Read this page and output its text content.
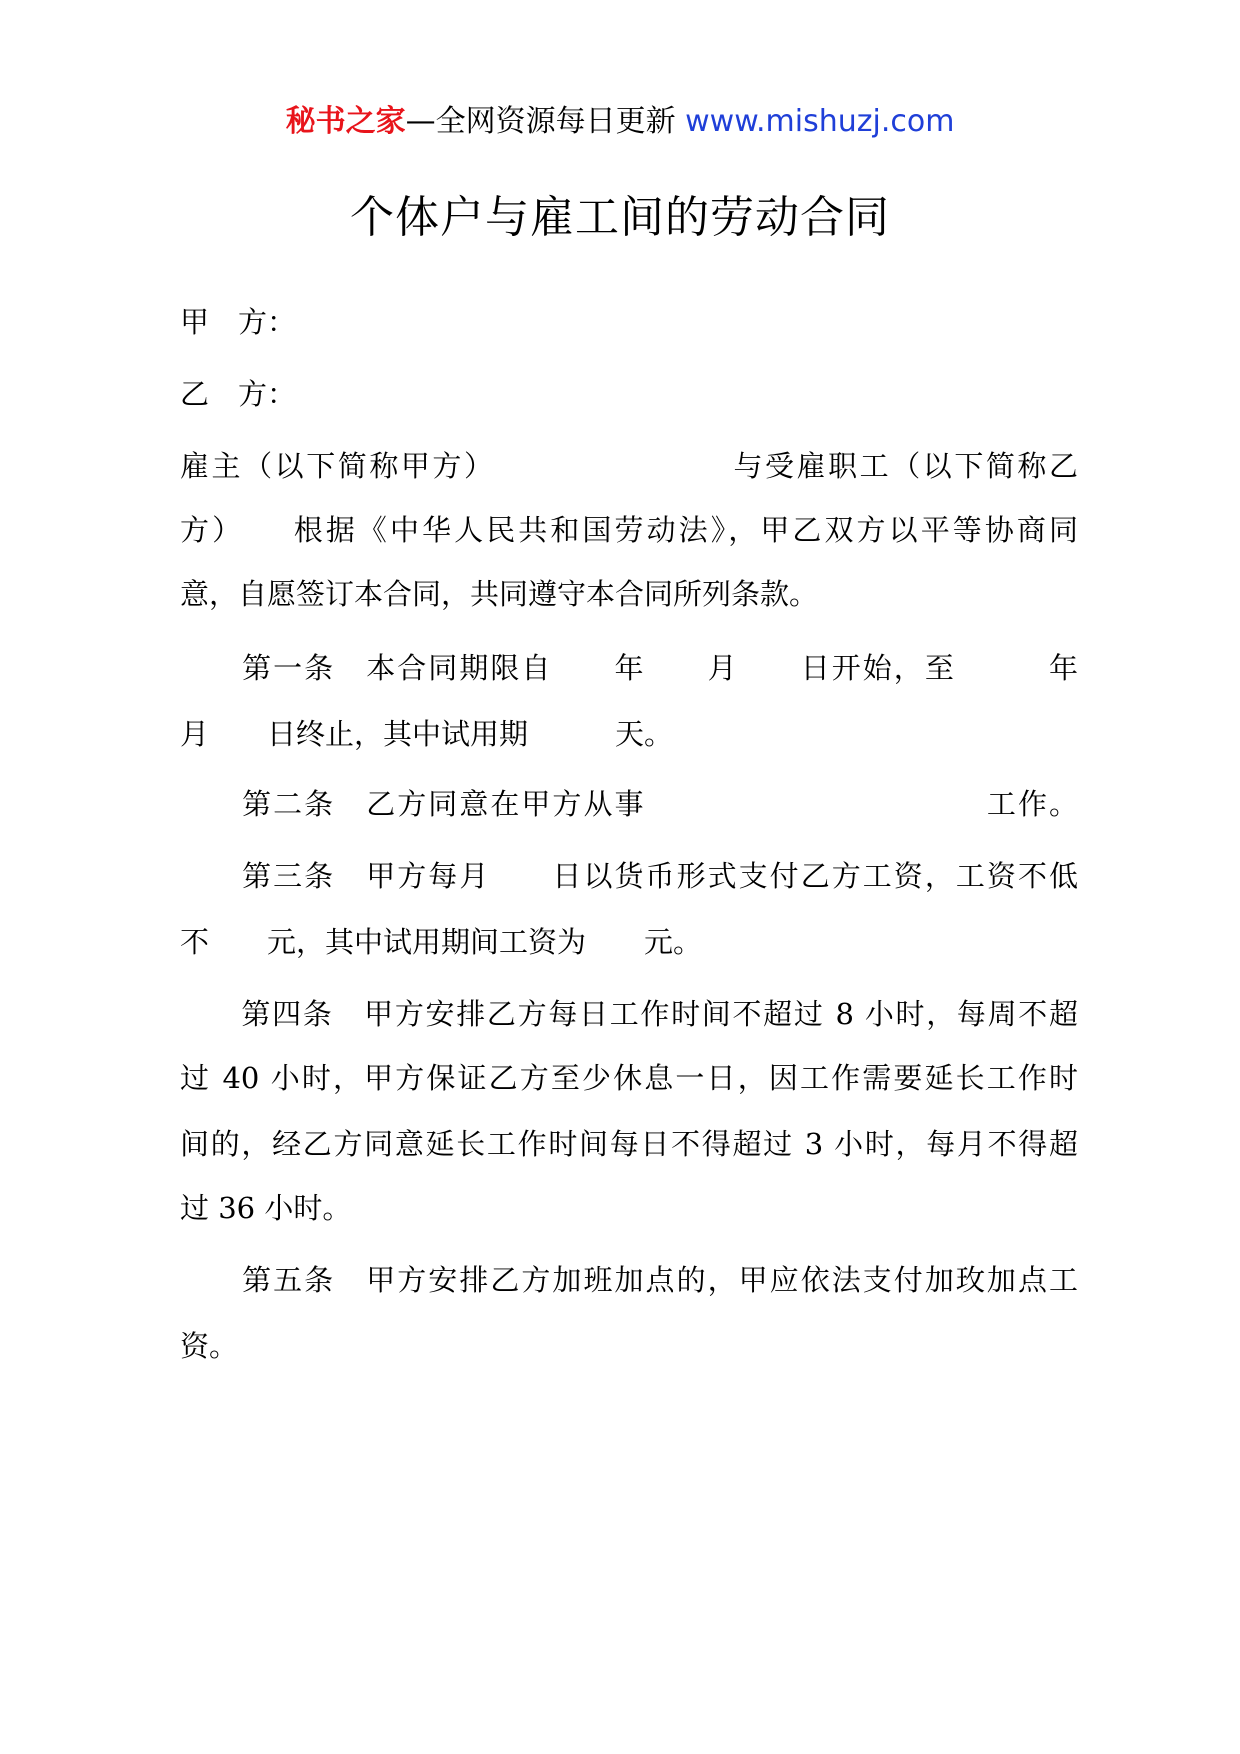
秘书之家—全网资源每日更新 www.mishuzj.com
个体户与雇工间的劳动合同
甲　方：
乙　方：
雇主（以下简称甲方）　　　　　　　　与受雇职工（以下简称乙
方）　　根据《中华人民共和国劳动法》，甲乙双方以平等协商同
意，自愿签订本合同，共同遵守本合同所列条款。
　　第一条　本合同期限自　　年　　月　　日开始，至　　　年
月　　日终止，其中试用期　　　天。
　　第二条　乙方同意在甲方从事　　　　　　　　　　　工作。
　　第三条　甲方每月　　日以货币形式支付乙方工资，工资不低
不　　元，其中试用期间工资为　　元。
　　第四条　甲方安排乙方每日工作时间不超过 8 小时，每周不超
过 40 小时，甲方保证乙方至少休息一日，因工作需要延长工作时
间的，经乙方同意延长工作时间每日不得超过 3 小时，每月不得超
过 36 小时。
　　第五条　甲方安排乙方加班加点的，甲应依法支付加玫加点工
资。
